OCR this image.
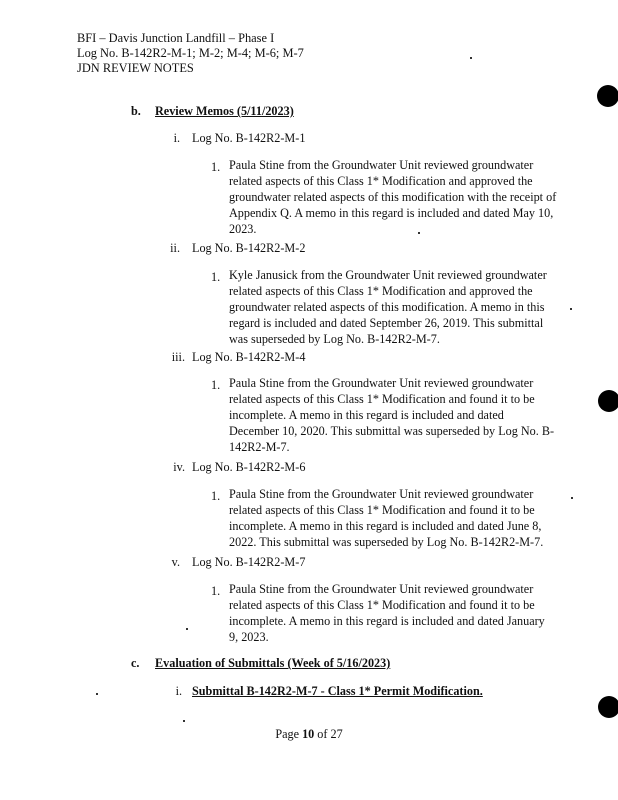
BFI – Davis Junction Landfill – Phase I
Log No. B-142R2-M-1; M-2; M-4; M-6; M-7
JDN REVIEW NOTES
b. Review Memos (5/11/2023)
i. Log No. B-142R2-M-1
1. Paula Stine from the Groundwater Unit reviewed groundwater
related aspects of this Class 1* Modification and approved the
groundwater related aspects of this modification with the receipt of
Appendix Q. A memo in this regard is included and dated May 10,
2023.
ii. Log No. B-142R2-M-2
1. Kyle Janusick from the Groundwater Unit reviewed groundwater
related aspects of this Class 1* Modification and approved the
groundwater related aspects of this modification. A memo in this
regard is included and dated September 26, 2019. This submittal
was superseded by Log No. B-142R2-M-7.
iii. Log No. B-142R2-M-4
1. Paula Stine from the Groundwater Unit reviewed groundwater
related aspects of this Class 1* Modification and found it to be
incomplete. A memo in this regard is included and dated
December 10, 2020. This submittal was superseded by Log No. B-
142R2-M-7.
iv. Log No. B-142R2-M-6
1. Paula Stine from the Groundwater Unit reviewed groundwater
related aspects of this Class 1* Modification and found it to be
incomplete. A memo in this regard is included and dated June 8,
2022. This submittal was superseded by Log No. B-142R2-M-7.
v. Log No. B-142R2-M-7
1. Paula Stine from the Groundwater Unit reviewed groundwater
related aspects of this Class 1* Modification and found it to be
incomplete. A memo in this regard is included and dated January
9, 2023.
c. Evaluation of Submittals (Week of 5/16/2023)
i. Submittal B-142R2-M-7 - Class 1* Permit Modification.
Page 10 of 27
